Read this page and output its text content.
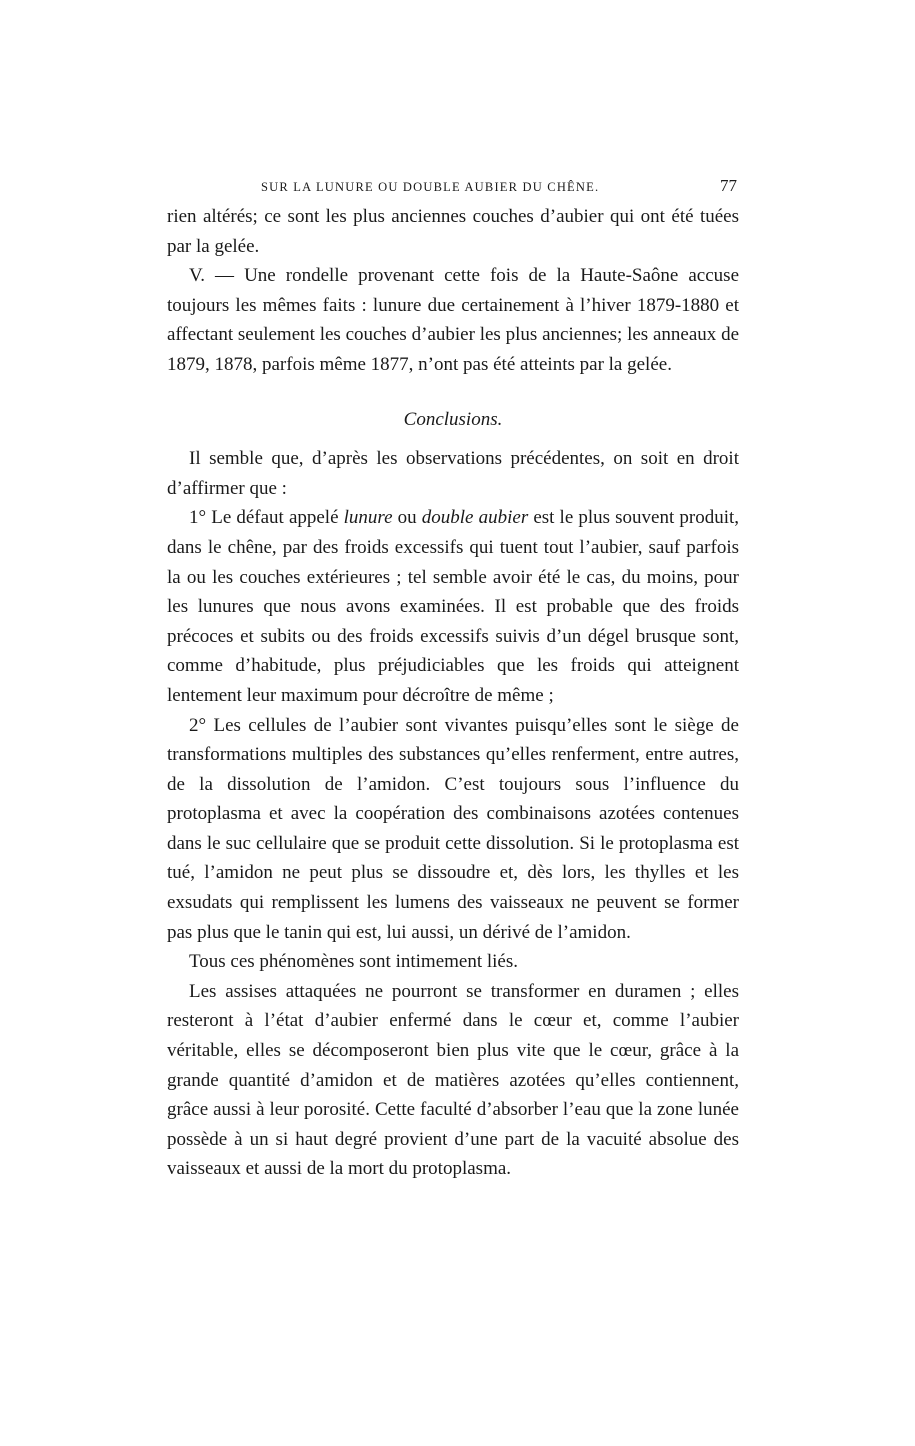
SUR LA LUNURE OU DOUBLE AUBIER DU CHÊNE.	77

rien altérés; ce sont les plus anciennes couches d’aubier qui ont été tuées par la gelée.

V. — Une rondelle provenant cette fois de la Haute-Saône accuse toujours les mêmes faits : lunure due certainement à l’hiver 1879-1880 et affectant seulement les couches d’aubier les plus anciennes; les anneaux de 1879, 1878, parfois même 1877, n’ont pas été atteints par la gelée.

Conclusions.

Il semble que, d’après les observations précédentes, on soit en droit d’affirmer que :

1° Le défaut appelé lunure ou double aubier est le plus souvent produit, dans le chêne, par des froids excessifs qui tuent tout l’aubier, sauf parfois la ou les couches extérieures ; tel semble avoir été le cas, du moins, pour les lunures que nous avons examinées. Il est probable que des froids précoces et subits ou des froids excessifs suivis d’un dégel brusque sont, comme d’habitude, plus préjudiciables que les froids qui atteignent lentement leur maximum pour décroître de même ;

2° Les cellules de l’aubier sont vivantes puisqu’elles sont le siège de transformations multiples des substances qu’elles renferment, entre autres, de la dissolution de l’amidon. C’est toujours sous l’influence du protoplasma et avec la coopération des combinaisons azotées contenues dans le suc cellulaire que se produit cette dissolution. Si le protoplasma est tué, l’amidon ne peut plus se dissoudre et, dès lors, les thylles et les exsudats qui remplissent les lumens des vaisseaux ne peuvent se former pas plus que le tanin qui est, lui aussi, un dérivé de l’amidon.

Tous ces phénomènes sont intimement liés.

Les assises attaquées ne pourront se transformer en duramen ; elles resteront à l’état d’aubier enfermé dans le cœur et, comme l’aubier véritable, elles se décomposeront bien plus vite que le cœur, grâce à la grande quantité d’amidon et de matières azotées qu’elles contiennent, grâce aussi à leur porosité. Cette faculté d’absorber l’eau que la zone lunée possède à un si haut degré provient d’une part de la vacuité absolue des vaisseaux et aussi de la mort du protoplasma.
